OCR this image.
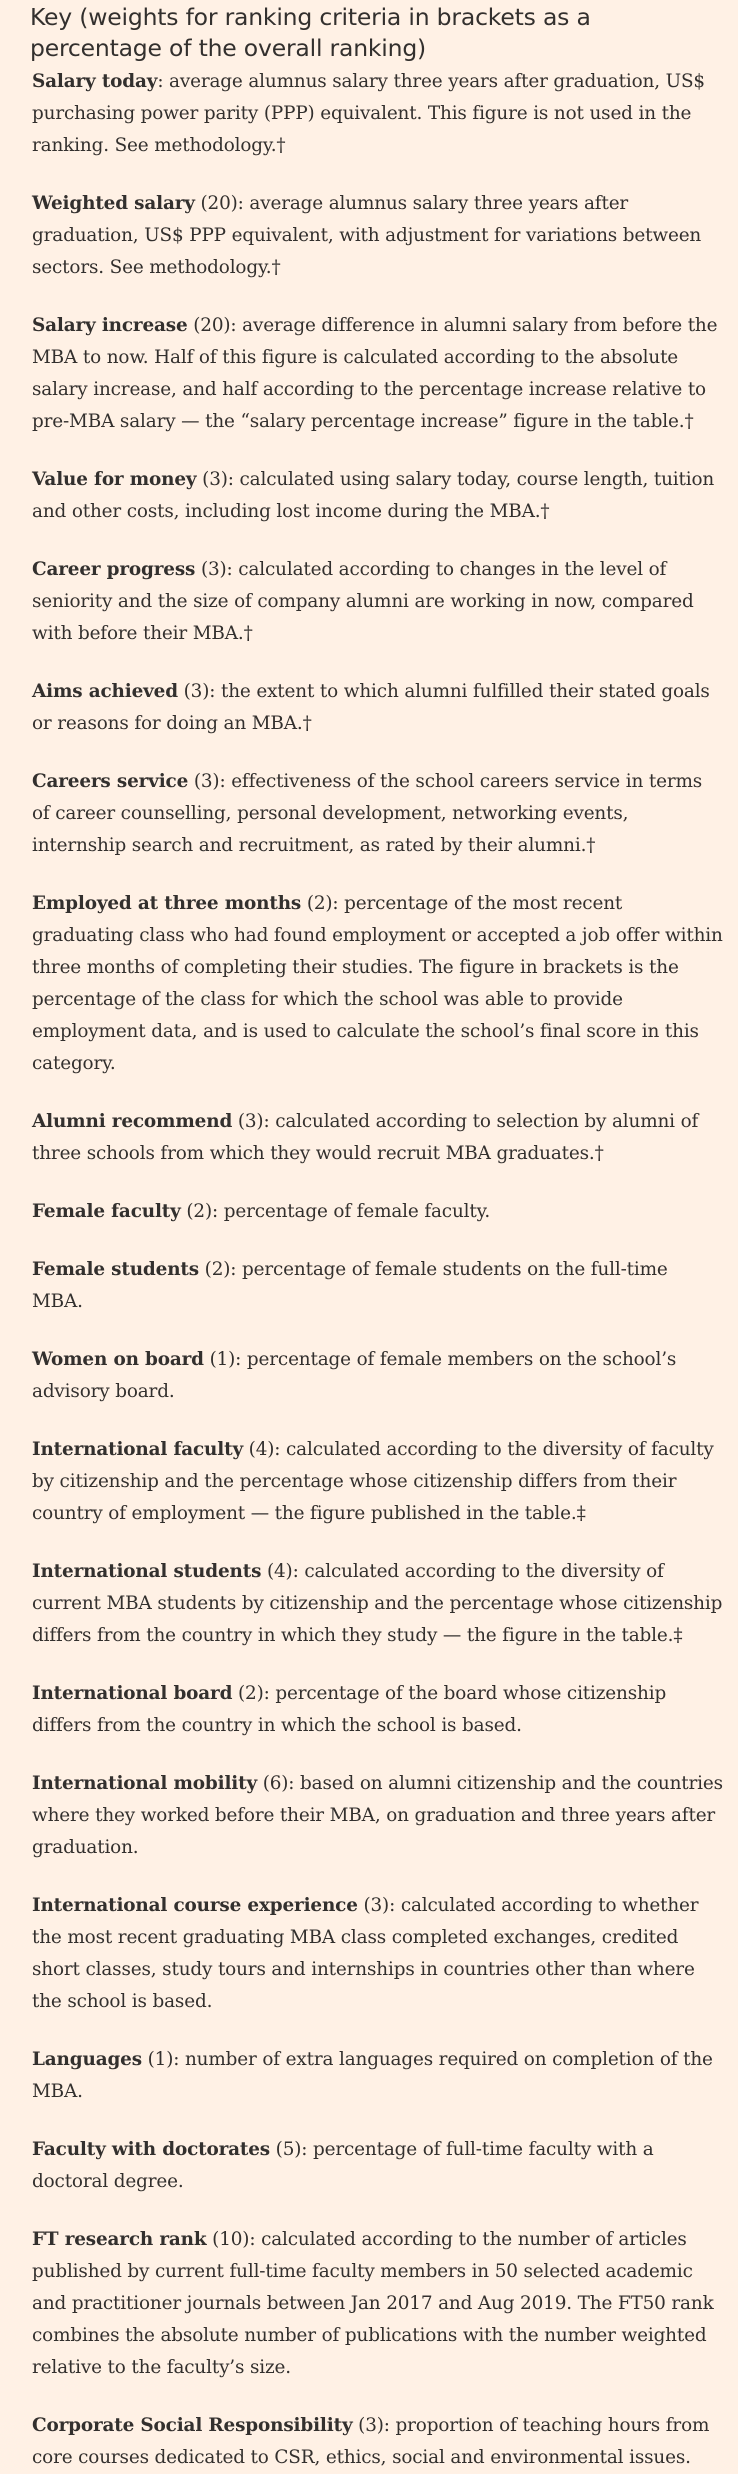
Key (weights for ranking criteria in brackets as a percentage of the overall ranking)
Salary today: average alumnus salary three years after graduation, US$ purchasing power parity (PPP) equivalent. This figure is not used in the ranking. See methodology.†
Weighted salary (20): average alumnus salary three years after graduation, US$ PPP equivalent, with adjustment for variations between sectors. See methodology.†
Salary increase (20): average difference in alumni salary from before the MBA to now. Half of this figure is calculated according to the absolute salary increase, and half according to the percentage increase relative to pre-MBA salary — the “salary percentage increase” figure in the table.†
Value for money (3): calculated using salary today, course length, tuition and other costs, including lost income during the MBA.†
Career progress (3): calculated according to changes in the level of seniority and the size of company alumni are working in now, compared with before their MBA.†
Aims achieved (3): the extent to which alumni fulfilled their stated goals or reasons for doing an MBA.†
Careers service (3): effectiveness of the school careers service in terms of career counselling, personal development, networking events, internship search and recruitment, as rated by their alumni.†
Employed at three months (2): percentage of the most recent graduating class who had found employment or accepted a job offer within three months of completing their studies. The figure in brackets is the percentage of the class for which the school was able to provide employment data, and is used to calculate the school’s final score in this category.
Alumni recommend (3): calculated according to selection by alumni of three schools from which they would recruit MBA graduates.†
Female faculty (2): percentage of female faculty.
Female students (2): percentage of female students on the full-time MBA.
Women on board (1): percentage of female members on the school’s advisory board.
International faculty (4): calculated according to the diversity of faculty by citizenship and the percentage whose citizenship differs from their country of employment — the figure published in the table.‡
International students (4): calculated according to the diversity of current MBA students by citizenship and the percentage whose citizenship differs from the country in which they study — the figure in the table.‡
International board (2): percentage of the board whose citizenship differs from the country in which the school is based.
International mobility (6): based on alumni citizenship and the countries where they worked before their MBA, on graduation and three years after graduation.
International course experience (3): calculated according to whether the most recent graduating MBA class completed exchanges, credited short classes, study tours and internships in countries other than where the school is based.
Languages (1): number of extra languages required on completion of the MBA.
Faculty with doctorates (5): percentage of full-time faculty with a doctoral degree.
FT research rank (10): calculated according to the number of articles published by current full-time faculty members in 50 selected academic and practitioner journals between Jan 2017 and Aug 2019. The FT50 rank combines the absolute number of publications with the number weighted relative to the faculty’s size.
Corporate Social Responsibility (3): proportion of teaching hours from core courses dedicated to CSR, ethics, social and environmental issues.
